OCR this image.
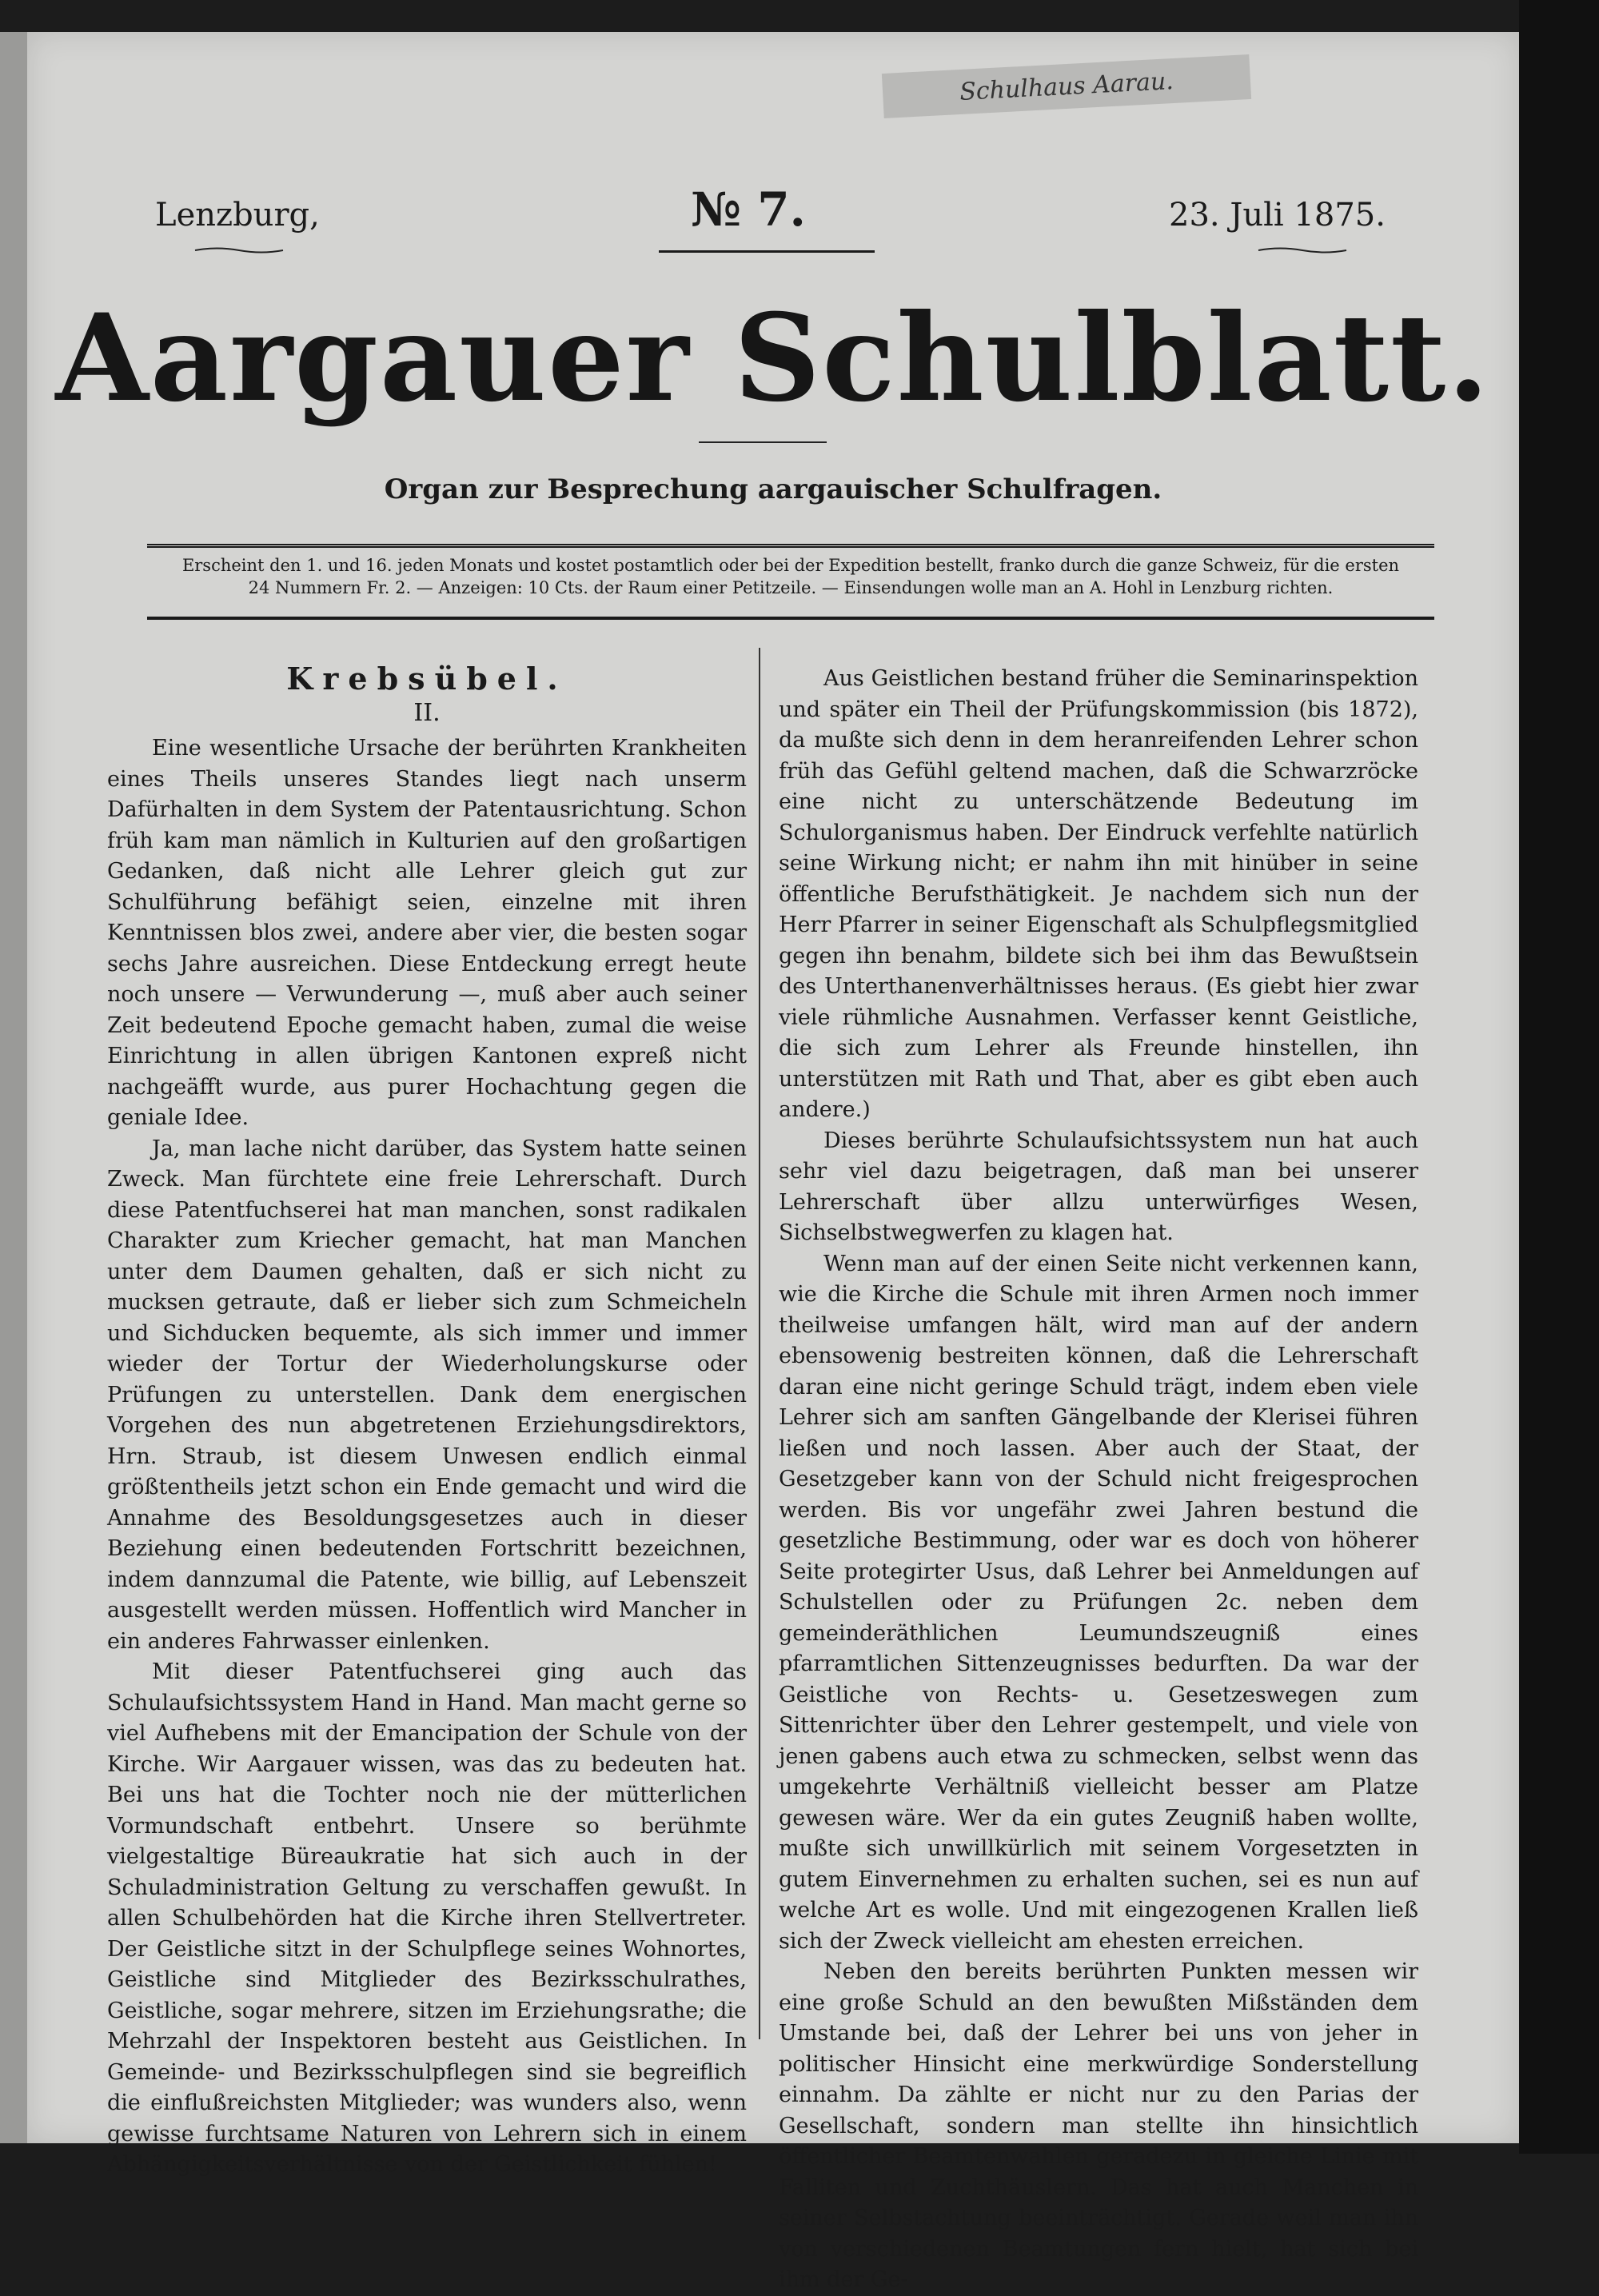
Schulhaus Aarau.
Lenzburg,	№ 7.	23. Juli 1875.
Aargauer Schulblatt.
Organ zur Besprechung aargauischer Schulfragen.
Erscheint den 1. und 16. jeden Monats und kostet postamtlich oder bei der Expedition bestellt, franko durch die ganze Schweiz, für die ersten
24 Nummern Fr. 2. — Anzeigen: 10 Cts. der Raum einer Petitzeile. — Einsendungen wolle man an A. Hohl in Lenzburg richten.
Krebsübel.
II.

Eine wesentliche Ursache der berührten Krankheiten eines Theils unseres Standes liegt nach unserm Dafürhalten in dem System der Patentausrichtung. Schon früh kam man nämlich in Kulturien auf den großartigen Gedanken, daß nicht alle Lehrer gleich gut zur Schulführung befähigt seien, einzelne mit ihren Kenntnissen blos zwei, andere aber vier, die besten sogar sechs Jahre ausreichen. Diese Entdeckung erregt heute noch unsere — Verwunderung —, muß aber auch seiner Zeit bedeutend Epoche gemacht haben, zumal die weise Einrichtung in allen übrigen Kantonen expreß nicht nachgeäfft wurde, aus purer Hochachtung gegen die geniale Idee.

Ja, man lache nicht darüber, das System hatte seinen Zweck. Man fürchtete eine freie Lehrerschaft. Durch diese Patentfuchserei hat man manchen, sonst radikalen Charakter zum Kriecher gemacht, hat man Manchen unter dem Daumen gehalten, daß er sich nicht zu mucksen getraute, daß er lieber sich zum Schmeicheln und Sichducken bequemte, als sich immer und immer wieder der Tortur der Wiederholungskurse oder Prüfungen zu unterstellen. Dank dem energischen Vorgehen des nun abgetretenen Erziehungsdirektors, Hrn. Straub, ist diesem Unwesen endlich einmal größtentheils jetzt schon ein Ende gemacht und wird die Annahme des Besoldungsgesetzes auch in dieser Beziehung einen bedeutenden Fortschritt bezeichnen, indem dannzumal die Patente, wie billig, auf Lebenszeit ausgestellt werden müssen. Hoffentlich wird Mancher in ein anderes Fahrwasser einlenken.

Mit dieser Patentfuchserei ging auch das Schulaufsichtssystem Hand in Hand. Man macht gerne so viel Aufhebens mit der Emancipation der Schule von der Kirche. Wir Aargauer wissen, was das zu bedeuten hat. Bei uns hat die Tochter noch nie der mütterlichen Vormundschaft entbehrt. Unsere so berühmte vielgestaltige Büreaukratie hat sich auch in der Schuladministration Geltung zu verschaffen gewußt. In allen Schulbehörden hat die Kirche ihren Stellvertreter. Der Geistliche sitzt in der Schulpflege seines Wohnortes, Geistliche sind Mitglieder des Bezirksschulrathes, Geistliche, sogar mehrere, sitzen im Erziehungsrathe; die Mehrzahl der Inspektoren besteht aus Geistlichen. In Gemeinde- und Bezirksschulpflegen sind sie begreiflich die einflußreichsten Mitglieder; was wunders also, wenn gewisse furchtsame Naturen von Lehrern sich in einem Abhängigkeitsverhältnisse von der Geistlichkeit fühlen!

Aus Geistlichen bestand früher die Seminarinspektion und später ein Theil der Prüfungskommission (bis 1872), da mußte sich denn in dem heranreifenden Lehrer schon früh das Gefühl geltend machen, daß die Schwarzröcke eine nicht zu unterschätzende Bedeutung im Schulorganismus haben. Der Eindruck verfehlte natürlich seine Wirkung nicht; er nahm ihn mit hinüber in seine öffentliche Berufsthätigkeit. Je nachdem sich nun der Herr Pfarrer in seiner Eigenschaft als Schulpflegsmitglied gegen ihn benahm, bildete sich bei ihm das Bewußtsein des Unterthanenverhältnisses heraus. (Es giebt hier zwar viele rühmliche Ausnahmen. Verfasser kennt Geistliche, die sich zum Lehrer als Freunde hinstellen, ihn unterstützen mit Rath und That, aber es gibt eben auch andere.)

Dieses berührte Schulaufsichtssystem nun hat auch sehr viel dazu beigetragen, daß man bei unserer Lehrerschaft über allzu unterwürfiges Wesen, Sichselbstwegwerfen zu klagen hat.

Wenn man auf der einen Seite nicht verkennen kann, wie die Kirche die Schule mit ihren Armen noch immer theilweise umfangen hält, wird man auf der andern ebensowenig bestreiten können, daß die Lehrerschaft daran eine nicht geringe Schuld trägt, indem eben viele Lehrer sich am sanften Gängelbande der Klerisei führen ließen und noch lassen. Aber auch der Staat, der Gesetzgeber kann von der Schuld nicht freigesprochen werden. Bis vor ungefähr zwei Jahren bestund die gesetzliche Bestimmung, oder war es doch von höherer Seite protegirter Usus, daß Lehrer bei Anmeldungen auf Schulstellen oder zu Prüfungen 2c. neben dem gemeinderäthlichen Leumundszeugniß eines pfarramtlichen Sittenzeugnisses bedurften. Da war der Geistliche von Rechts- u. Gesetzeswegen zum Sittenrichter über den Lehrer gestempelt, und viele von jenen gabens auch etwa zu schmecken, selbst wenn das umgekehrte Verhältniß vielleicht besser am Platze gewesen wäre. Wer da ein gutes Zeugniß haben wollte, mußte sich unwillkürlich mit seinem Vorgesetzten in gutem Einvernehmen zu erhalten suchen, sei es nun auf welche Art es wolle. Und mit eingezogenen Krallen ließ sich der Zweck vielleicht am ehesten erreichen.

Neben den bereits berührten Punkten messen wir eine große Schuld an den bewußten Mißständen dem Umstande bei, daß der Lehrer bei uns von jeher in politischer Hinsicht eine merkwürdige Sonderstellung einnahm. Da zählte er nicht nur zu den Parias der Gesellschaft, sondern man stellte ihn hinsichtlich öffentlicher Beamtenwahlen geradezu in gleiche Linie mit Falliten und Zuchthäuslern. Das hat auch Manchen in seiner Selbstachtung beeinträchtigt. Gerade weil man ihn von verschiedenen Beamtungen fern hielt, hat sich bei ihm der Ge-
